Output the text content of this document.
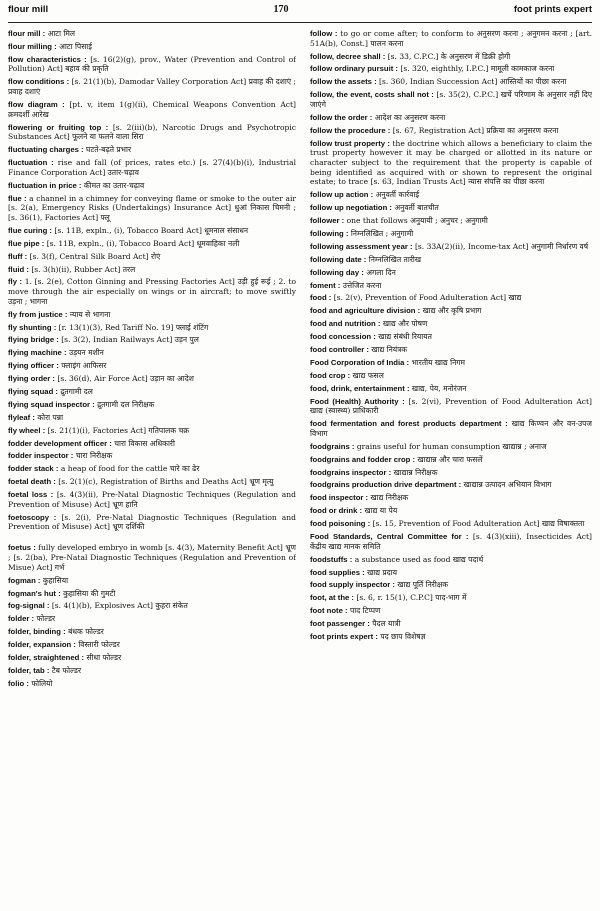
flour mill	170	foot prints expert

flour mill : आटा मिल

flour milling : आटा पिसाई

flow characteristics : [s. 16(2)(g), prov., Water (Prevention and Control of Pollution) Act] बहाव की प्रकृति

flow conditions : [s. 21(1)(b), Damodar Valley Corporation Act] प्रवाह की दशाएं ; प्रवाह दशाएं

flow diagram : [pt. v, item 1(g)(ii), Chemical Weapons Convention Act] क्रमदर्शी आरेख

flowering or fruiting top : [s. 2(iii)(b), Narcotic Drugs and Psychotropic Substances Act] फूलने या फलने वाला सिरा

fluctuating charges : घटते-बढ़ते प्रभार

fluctuation : rise and fall (of prices, rates etc.) [s. 27(4)(b)(i), Industrial Finance Corporation Act] उतार-चढ़ाव

fluctuation in price : कीमत का उतार-चढ़ाव

flue : a channel in a chimney for conveying flame or smoke to the outer air [s. 2(a), Emergency Risks (Undertakings) Insurance Act] धुआं निकास चिमनी ; [s. 36(1), Factories Act] फ्लू

flue curing : [s. 11B, expln., (i), Tobacco Board Act] धूमनाल संसाधन

flue pipe : [s. 11B, expln., (i), Tobacco Board Act] धूमवाहिका नली

fluff : [s. 3(f), Central Silk Board Act] रोएं

fluid : [s. 3(h)(ii), Rubber Act] तरल

fly : 1. [s. 2(e), Cotton Ginning and Pressing Factories Act] उड़ी हुई रूई ; 2. to move through the air especially on wings or in aircraft; to move swiftly उड़ना ; भागना

fly from justice : न्याय से भागना

fly shunting : [r. 13(1)(3), Red Tariff No. 19] फ्लाई शंटिंग

flying bridge : [s. 3(2), Indian Railways Act] उड़न पुल

flying machine : उड़यन मशीन

flying officer : फ्लाइंग आफिसर

flying order : [s. 36(d), Air Force Act] उड़ान का आदेश

flying squad : द्रुतगामी दल

flying squad inspector : द्रुतगामी दल निरीक्षक

flyleaf : कोरा पन्ना

fly wheel : [s. 21(1)(i), Factories Act] गतिपालक चक्र

fodder development officer : चारा विकास अधिकारी

fodder inspector : चारा निरीक्षक

fodder stack : a heap of food for the cattle चारे का ढेर

foetal death : [s. 2(1)(c), Registration of Births and Deaths Act] भ्रूण मृत्यु

foetal loss : [s. 4(3)(ii), Pre-Natal Diagnostic Techniques (Regulation and Prevention of Misuse) Act] भ्रूण हानि

foetoscopy : [s. 2(i), Pre-Natal Diagnostic Techniques (Regulation and Prevention of Misuse) Act] भ्रूण दर्शिकी

foetus : fully developed embryo in womb [s. 4(3), Maternity Benefit Act] भ्रूण ; [s. 2(ba), Pre-Natal Diagnostic Techniques (Regulation and Prevention of Misue) Act] गर्भ

fogman : कुहासिया

fogman's hut : कुहासिया की गुमटी

fog-signal : [s. 4(1)(b), Explosives Act] कुहरा संकेत

folder : फोल्डर

folder, binding : बंधक फोल्डर

folder, expansion : विस्तारी फोल्डर

folder, straightened : सीधा फोल्डर

folder, tab : टैब फोल्डर

folio : फोलियो

follow : to go or come after; to conform to अनुसरण करना ; अनुगमन करना ; [art. 51A(b), Const.] पालन करना

follow, decree shall : [s. 33, C.P.C.] के अनुसरण में डिक्री होगी

follow ordinary pursuit : [s. 320, eighthly, I.P.C.] मामूली कामकाज करना

follow the assets : [s. 360, Indian Succession Act] आस्तियों का पीछा करना

follow, the event, costs shall not : [s. 35(2), C.P.C.] खर्चे परिणाम के अनुसार नहीं दिए जाएंगे

follow the order : आदेश का अनुसरण करना

follow the procedure : [s. 67, Registration Act] प्रक्रिया का अनुसरण करना

follow trust property : the doctrine which allows a beneficiary to claim the trust property however it may be charged or allotted in its nature or character subject to the requirement that the property is capable of being identified as acquired with or shown to represent the original estate; to trace [s. 63, Indian Trusts Act] न्यास संपत्ति का पीछा करना

follow up action : अनुवर्ती कार्रवाई

follow up negotiation : अनुवर्ती बातचीत

follower : one that follows अनुयायी ; अनुचर ; अनुगामी

following : निम्नलिखित ; अनुगामी

following assessment year : [s. 33A(2)(ii), Income-tax Act] अनुगामी निर्धारण वर्ष

following date : निम्नलिखित तारीख

following day : अगला दिन

foment : उत्तेजित करना

food : [s. 2(v), Prevention of Food Adulteration Act] खाद्य

food and agriculture division : खाद्य और कृषि प्रभाग

food and nutrition : खाद्य और पोषण

food concession : खाद्य संबंधी रियायत

food controller : खाद्य नियंत्रक

Food Corporation of India : भारतीय खाद्य निगम

food crop : खाद्य फसल

food, drink, entertainment : खाद्य, पेय, मनोरंजन

Food (Health) Authority : [s. 2(vi), Prevention of Food Adulteration Act] खाद्य (स्वास्थ्य) प्राधिकारी

food fermentation and forest products department : खाद्य किण्वन और वन-उपज विभाग

foodgrains : grains useful for human consumption खाद्यान्न ; अनाज

foodgrains and fodder crop : खाद्यान्न और चारा फसलें

foodgrains inspector : खाद्यान्न निरीक्षक

foodgrains production drive department : खाद्यान्न उत्पादन अभियान विभाग

food inspector : खाद्य निरीक्षक

food or drink : खाद्य या पेय

food poisoning : [s. 15, Prevention of Food Adulteration Act] खाद्य विषाक्तता

Food Standards, Central Committee for : [s. 4(3)(xiii), Insecticides Act] केंद्रीय खाद्य मानक समिति

foodstuffs : a substance used as food खाद्य पदार्थ

food supplies : खाद्य प्रदाय

food supply inspector : खाद्य पूर्ति निरीक्षक

foot, at the : [s. 6, r. 15(1), C.P.C] पाद-भाग में

foot note : पाद टिप्पण

foot passenger : पैदल यात्री

foot prints expert : पद छाप विशेषज्ञ
